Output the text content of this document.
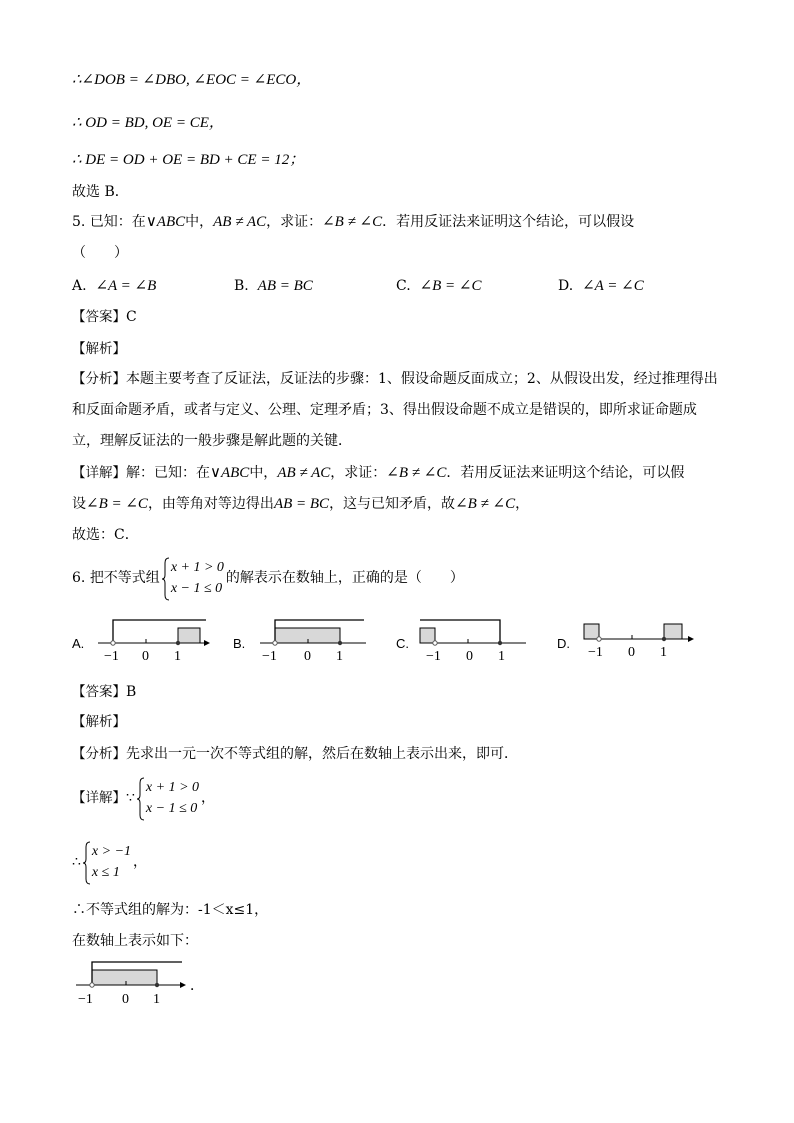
∴∠DOB = ∠DBO, ∠EOC = ∠ECO，
∴ OD = BD, OE = CE，
∴ DE = OD + OE = BD + CE = 12；
故选 B．
5. 已知：在∨ABC中，AB ≠ AC，求证：∠B ≠ ∠C．若用反证法来证明这个结论，可以假设
（　　）
A. ∠A = ∠B	B. AB = BC	C. ∠B = ∠C	D. ∠A = ∠C
【答案】C
【解析】
【分析】本题主要考查了反证法，反证法的步骤：1、假设命题反面成立；2、从假设出发，经过推理得出
和反面命题矛盾，或者与定义、公理、定理矛盾；3、得出假设命题不成立是错误的，即所求证命题成
立，理解反证法的一般步骤是解此题的关键．
【详解】解：已知：在∨ABC中，AB ≠ AC，求证：∠B ≠ ∠C．若用反证法来证明这个结论，可以假
设∠B = ∠C，由等角对等边得出AB = BC，这与已知矛盾，故∠B ≠ ∠C，
故选：C．
6. 把不等式组
x + 1 > 0
x − 1 ≤ 0
的解表示在数轴上，正确的是（　　）
A.	B.	C.	D.
−1 0 1	−1 0 1	−1 0 1	−1 0 1
【答案】B
【解析】
【分析】先求出一元一次不等式组的解，然后在数轴上表示出来，即可．
【详解】∵
x + 1 > 0
x − 1 ≤ 0
，
∴
x > −1
x ≤ 1
，
∴不等式组的解为：-1＜x≤1，
在数轴上表示如下：
−1 0 1
．
